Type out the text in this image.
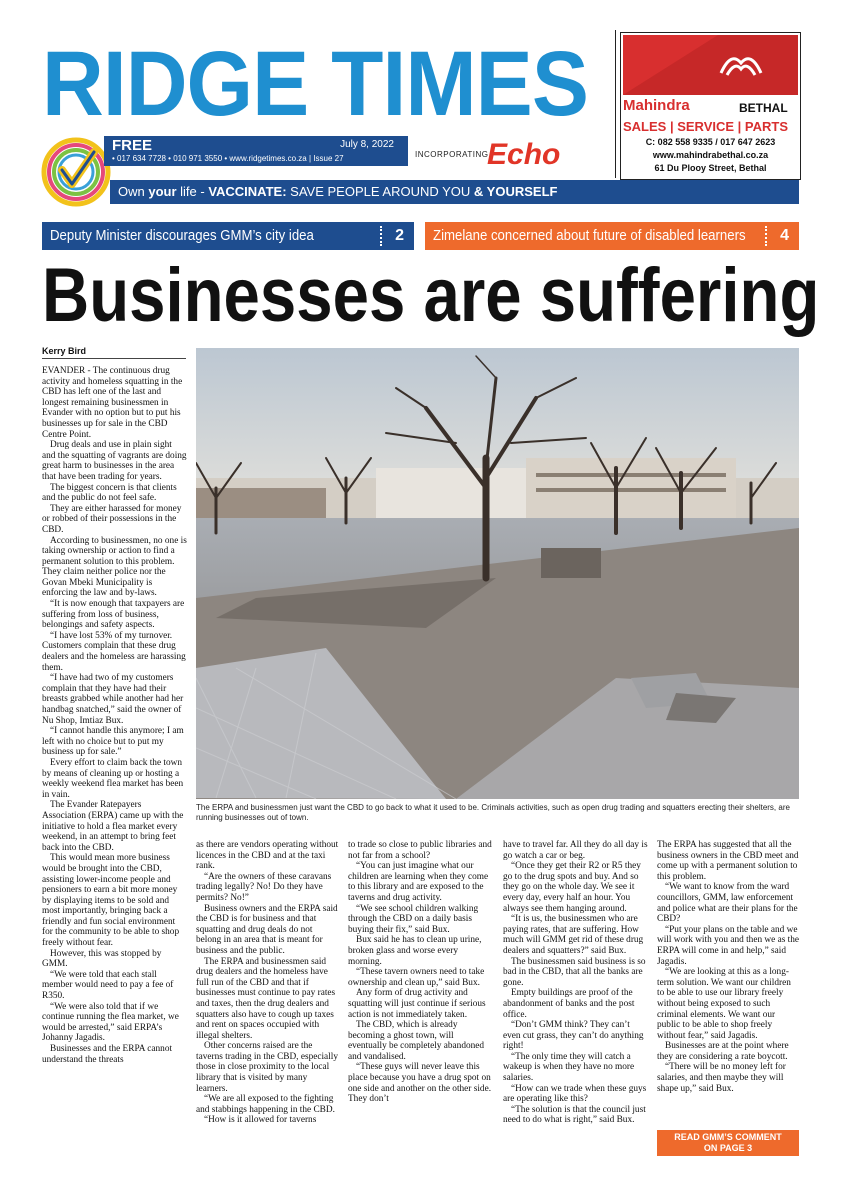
RIDGE TIMES
FREE	July 8, 2022
• 017 634 7728 • 010 971 3550 • www.ridgetimes.co.za | Issue 27	INCORPORATING
Echo
Mahindra	BETHAL
SALES | SERVICE | PARTS
C: 082 558 9335 / 017 647 2623
www.mahindrabethal.co.za
61 Du Plooy Street, Bethal
Own your life - VACCINATE: SAVE PEOPLE AROUND YOU & YOURSELF
Deputy Minister discourages GMM’s city idea	2 Zimelane concerned about future of disabled learners 4
Businesses are suffering
Kerry Bird
The ERPA and businessmen just want the CBD to go back to what it used to be. Criminals activities, such as open drug trading and squatters erecting their shelters, are running businesses out of town.

EVANDER - The continuous drug activity and homeless squatting in the CBD has left one of the last and longest remaining businessmen in Evander with no option but to put his businesses up for sale in the CBD Centre Point.

Drug deals and use in plain sight and the squatting of vagrants are doing great harm to businesses in the area that have been trading for years.

The biggest concern is that clients and the public do not feel safe.

They are either harassed for money or robbed of their possessions in the CBD.

According to businessmen, no one is taking ownership or action to find a permanent solution to this problem. They claim neither police nor the Govan Mbeki Municipality is enforcing the law and by-laws.

“It is now enough that taxpayers are suffering from loss of business, belongings and safety aspects.

“I have lost 53% of my turnover. Customers complain that these drug dealers and the homeless are harassing them.

“I have had two of my customers complain that they have had their breasts grabbed while another had her handbag snatched,” said the owner of Nu Shop, Imtiaz Bux.

“I cannot handle this anymore; I am left with no choice but to put my business up for sale.”

Every effort to claim back the town by means of cleaning up or hosting a weekly weekend flea market has been in vain.

The Evander Ratepayers Association (ERPA) came up with the initiative to hold a flea market every weekend, in an attempt to bring feet back into the CBD.

This would mean more business would be brought into the CBD, assisting lower-income people and pensioners to earn a bit more money by displaying items to be sold and most importantly, bringing back a friendly and fun social environment for the community to be able to shop freely without fear.

However, this was stopped by GMM.

“We were told that each stall member would need to pay a fee of R350.

“We were also told that if we continue running the flea market, we would be arrested,” said ERPA’s Johanny Jagadis.

Businesses and the ERPA cannot understand the threats

as there are vendors operating without licences in the CBD and at the taxi rank.

“Are the owners of these caravans trading legally? No! Do they have permits? No!”

Business owners and the ERPA said the CBD is for business and that squatting and drug deals do not belong in an area that is meant for business and the public.

The ERPA and businessmen said drug dealers and the homeless have full run of the CBD and that if businesses must continue to pay rates and taxes, then the drug dealers and squatters also have to cough up taxes and rent on spaces occupied with illegal shelters.

Other concerns raised are the taverns trading in the CBD, especially those in close proximity to the local library that is visited by many learners.

“We are all exposed to the fighting and stabbings happening in the CBD.

“How is it allowed for taverns

to trade so close to public libraries and not far from a school?

“You can just imagine what our children are learning when they come to this library and are exposed to the taverns and drug activity.

“We see school children walking through the CBD on a daily basis buying their fix,” said Bux.

Bux said he has to clean up urine, broken glass and worse every morning.

“These tavern owners need to take ownership and clean up,” said Bux.

Any form of drug activity and squatting will just continue if serious action is not immediately taken.

The CBD, which is already becoming a ghost town, will eventually be completely abandoned and vandalised.

“These guys will never leave this place because you have a drug spot on one side and another on the other side. They don’t

have to travel far. All they do all day is go watch a car or beg.

“Once they get their R2 or R5 they go to the drug spots and buy. And so they go on the whole day. We see it every day, every half an hour. You always see them hanging around.

“It is us, the businessmen who are paying rates, that are suffering. How much will GMM get rid of these drug dealers and squatters?” said Bux.

The businessmen said business is so bad in the CBD, that all the banks are gone.

Empty buildings are proof of the abandonment of banks and the post office.

“Don’t GMM think? They can’t even cut grass, they can’t do anything right!

“The only time they will catch a wakeup is when they have no more salaries.

“How can we trade when these guys are operating like this?

“The solution is that the council just need to do what is right,” said Bux.

The ERPA has suggested that all the business owners in the CBD meet and come up with a permanent solution to this problem.

“We want to know from the ward councillors, GMM, law enforcement and police what are their plans for the CBD?

“Put your plans on the table and we will work with you and then we as the ERPA will come in and help,” said Jagadis.

“We are looking at this as a long-term solution. We want our children to be able to use our library freely without being exposed to such criminal elements. We want our public to be able to shop freely without fear,” said Jagadis.

Businesses are at the point where they are considering a rate boycott.

“There will be no money left for salaries, and then maybe they will shape up,” said Bux.

READ GMM’S COMMENT
ON PAGE 3
